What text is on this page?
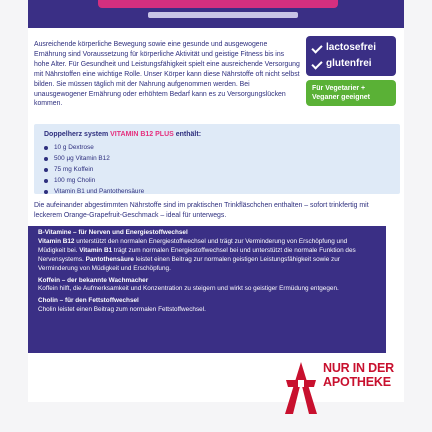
Ausreichende körperliche Bewegung sowie eine gesunde und ausgewogene Ernährung sind Voraussetzung für körperliche Aktivität und geistige Fitness bis ins hohe Alter. Für Gesundheit und Leistungsfähigkeit spielt eine ausreichende Versorgung mit Nährstoffen eine wichtige Rolle. Unser Körper kann diese Nährstoffe oft nicht selbst bilden. Sie müssen täglich mit der Nahrung aufgenommen werden. Bei unausgewogener Ernährung oder erhöhtem Bedarf kann es zu Versorgungslücken kommen.

lactosefrei
glutenfrei
Für Vegetarier + Veganer geeignet
Doppelherz system VITAMIN B12 PLUS enthält:
10 g Dextrose
500 µg Vitamin B12
75 mg Koffein
100 mg Cholin
Vitamin B1 und Pantothensäure

Die aufeinander abgestimmten Nährstoffe sind im praktischen Trinkfläschchen enthalten – sofort trinkfertig mit leckerem Orange-Grapefruit-Geschmack – ideal für unterwegs.

B-Vitamine – für Nerven und Energiestoffwechsel

Vitamin B12 unterstützt den normalen Energiestoffwechsel und trägt zur Verminderung von Erschöpfung und Müdigkeit bei. Vitamin B1 trägt zum normalen Energiestoffwechsel bei und unterstützt die normale Funktion des Nervensystems. Pantothensäure leistet einen Beitrag zur normalen geistigen Leistungsfähigkeit sowie zur Verminderung von Müdigkeit und Erschöpfung.

Koffein – der bekannte Wachmacher

Koffein hilft, die Aufmerksamkeit und Konzentration zu steigern und wirkt so geistiger Ermüdung entgegen.

Cholin – für den Fettstoffwechsel

Cholin leistet einen Beitrag zum normalen Fettstoffwechsel.

NUR IN DER
APOTHEKE
